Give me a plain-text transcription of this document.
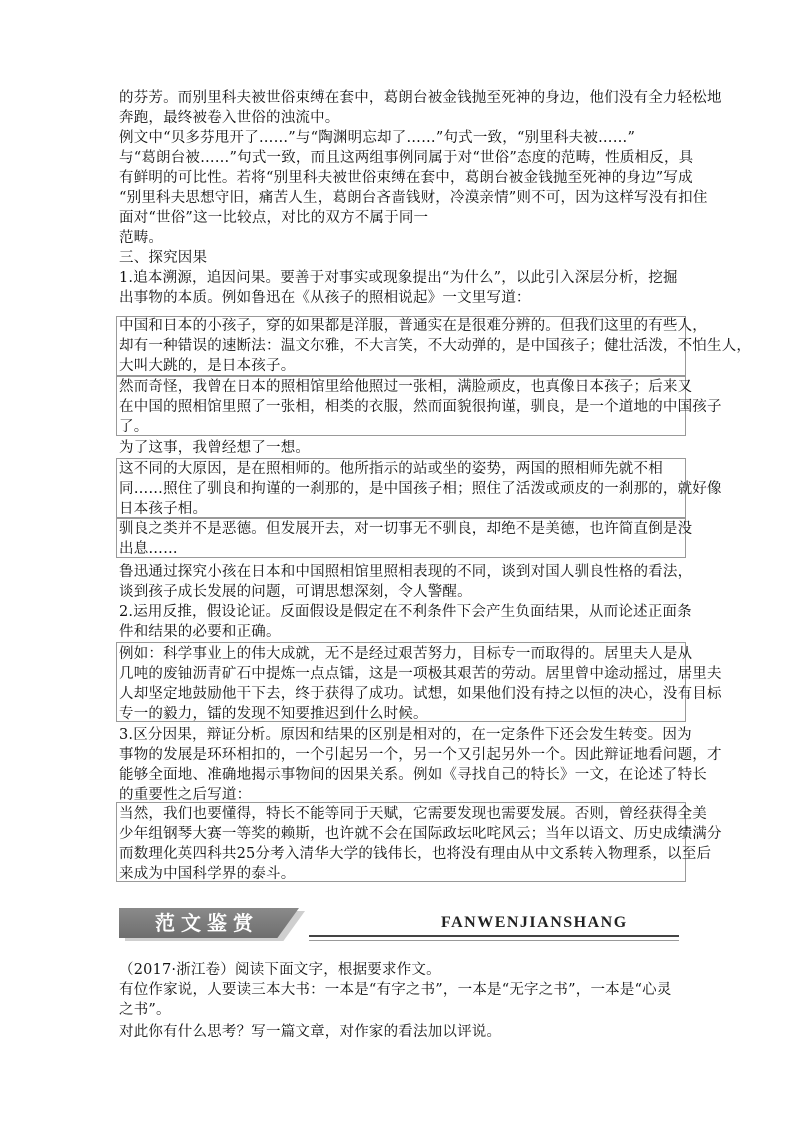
的芬芳。而别里科夫被世俗束缚在套中，葛朗台被金钱抛至死神的身边，他们没有全力轻松地
奔跑，最终被卷入世俗的浊流中。
例文中“贝多芬甩开了……”与“陶渊明忘却了……”句式一致，“别里科夫被……”
与“葛朗台被……”句式一致，而且这两组事例同属于对“世俗”态度的范畴，性质相反，具
有鲜明的可比性。若将“别里科夫被世俗束缚在套中，葛朗台被金钱抛至死神的身边”写成
“别里科夫思想守旧，痛苦人生，葛朗台吝啬钱财，冷漠亲情”则不可，因为这样写没有扣住
面对“世俗”这一比较点，对比的双方不属于同一
范畴。
三、探究因果
1.追本溯源，追因问果。要善于对事实或现象提出“为什么”，以此引入深层分析，挖掘
出事物的本质。例如鲁迅在《从孩子的照相说起》一文里写道：
中国和日本的小孩子，穿的如果都是洋服，普通实在是很难分辨的。但我们这里的有些人，
却有一种错误的速断法：温文尔雅，不大言笑，不大动弹的，是中国孩子；健壮活泼，不怕生人，
大叫大跳的，是日本孩子。
然而奇怪，我曾在日本的照相馆里给他照过一张相，满脸顽皮，也真像日本孩子；后来又
在中国的照相馆里照了一张相，相类的衣服，然而面貌很拘谨，驯良，是一个道地的中国孩子
了。
为了这事，我曾经想了一想。
这不同的大原因，是在照相师的。他所指示的站或坐的姿势，两国的照相师先就不相
同……照住了驯良和拘谨的一刹那的，是中国孩子相；照住了活泼或顽皮的一刹那的，就好像
日本孩子相。
驯良之类并不是恶德。但发展开去，对一切事无不驯良，却绝不是美德，也许简直倒是没
出息……
鲁迅通过探究小孩在日本和中国照相馆里照相表现的不同，谈到对国人驯良性格的看法，
谈到孩子成长发展的问题，可谓思想深刻，令人警醒。
2.运用反推，假设论证。反面假设是假定在不利条件下会产生负面结果，从而论述正面条
件和结果的必要和正确。
例如：科学事业上的伟大成就，无不是经过艰苦努力，目标专一而取得的。居里夫人是从
几吨的废铀沥青矿石中提炼一点点镭，这是一项极其艰苦的劳动。居里曾中途动摇过，居里夫
人却坚定地鼓励他干下去，终于获得了成功。试想，如果他们没有持之以恒的决心，没有目标
专一的毅力，镭的发现不知要推迟到什么时候。
3.区分因果，辩证分析。原因和结果的区别是相对的，在一定条件下还会发生转变。因为
事物的发展是环环相扣的，一个引起另一个，另一个又引起另外一个。因此辩证地看问题，才
能够全面地、准确地揭示事物间的因果关系。例如《寻找自己的特长》一文，在论述了特长
的重要性之后写道：
当然，我们也要懂得，特长不能等同于天赋，它需要发现也需要发展。否则，曾经获得全美
少年组钢琴大赛一等奖的赖斯，也许就不会在国际政坛叱咤风云；当年以语文、历史成绩满分
而数理化英四科共25分考入清华大学的钱伟长，也将没有理由从中文系转入物理系，以至后
来成为中国科学界的泰斗。
范文鉴赏	FANWENJIANSHANG
（2017·浙江卷）阅读下面文字，根据要求作文。
有位作家说，人要读三本大书：一本是“有字之书”，一本是“无字之书”，一本是“心灵
之书”。
对此你有什么思考？写一篇文章，对作家的看法加以评说。
